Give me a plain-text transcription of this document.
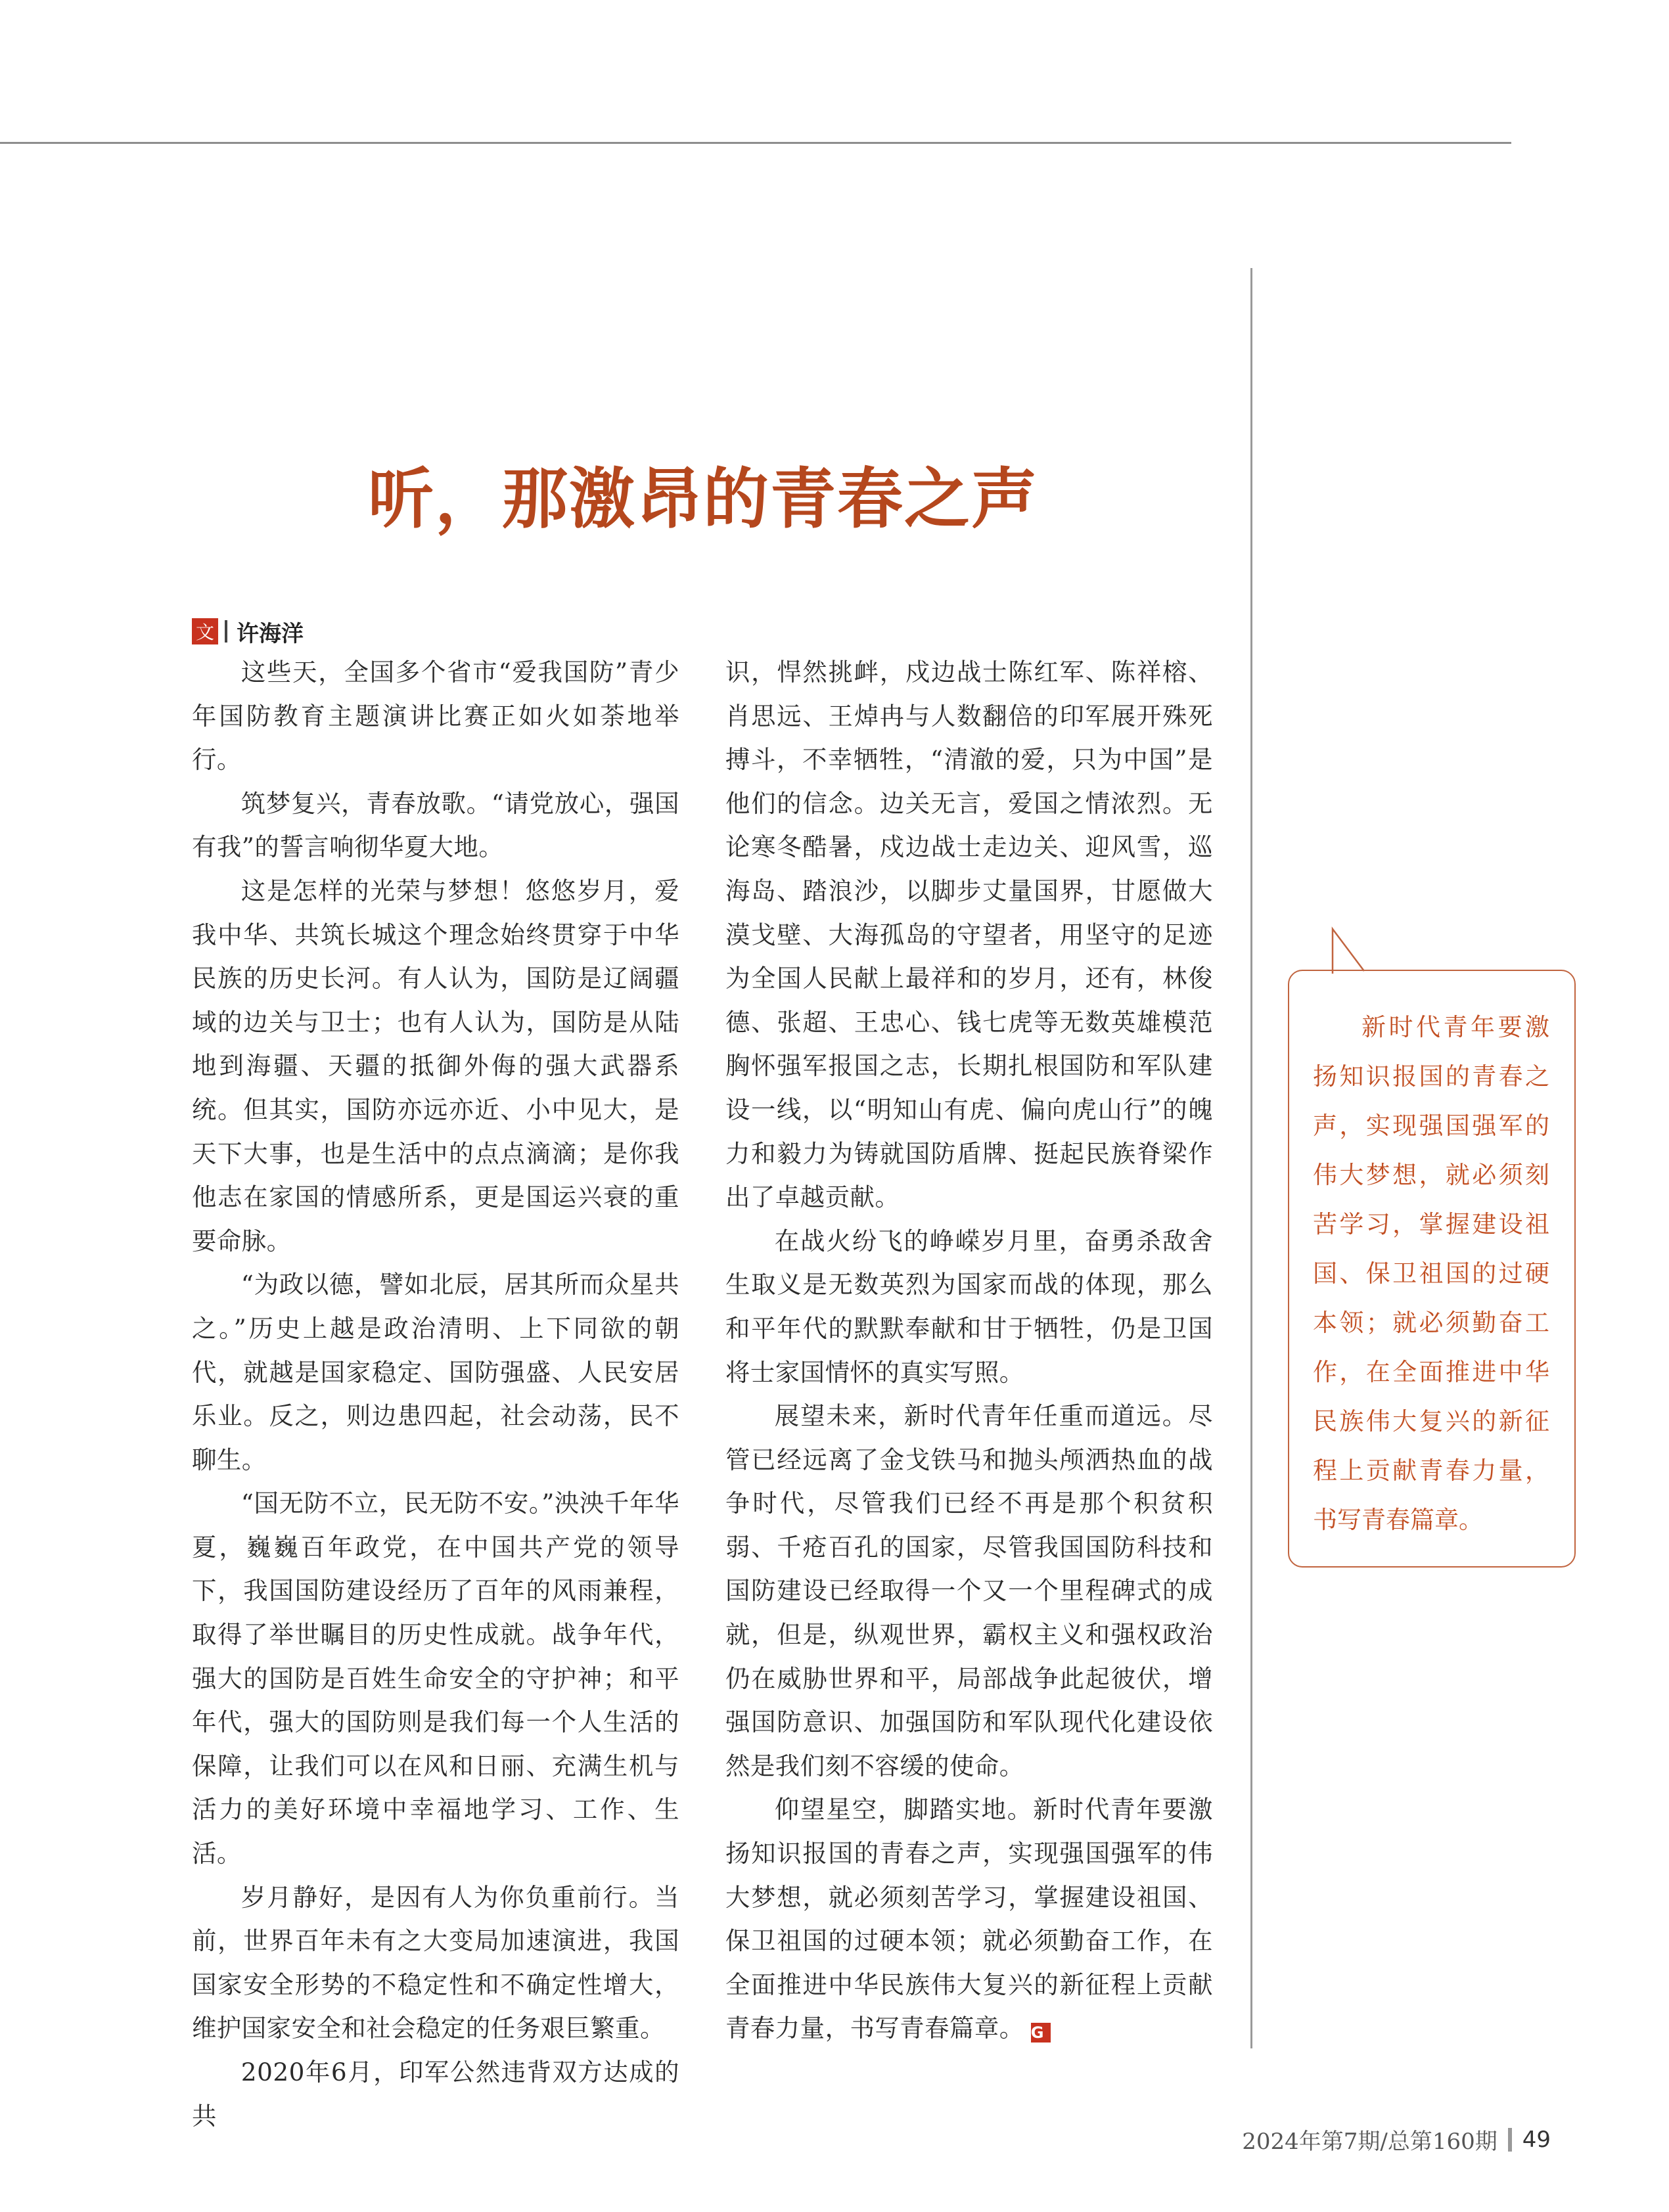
听，那激昂的青春之声
文 许海洋

这些天，全国多个省市“爱我国防”青少年国防教育主题演讲比赛正如火如荼地举行。

筑梦复兴，青春放歌。“请党放心，强国有我”的誓言响彻华夏大地。

这是怎样的光荣与梦想！悠悠岁月，爱我中华、共筑长城这个理念始终贯穿于中华民族的历史长河。有人认为，国防是辽阔疆域的边关与卫士；也有人认为，国防是从陆地到海疆、天疆的抵御外侮的强大武器系统。但其实，国防亦远亦近、小中见大，是天下大事，也是生活中的点点滴滴；是你我他志在家国的情感所系，更是国运兴衰的重要命脉。

“为政以德，譬如北辰，居其所而众星共之。”历史上越是政治清明、上下同欲的朝代，就越是国家稳定、国防强盛、人民安居乐业。反之，则边患四起，社会动荡，民不聊生。

“国无防不立，民无防不安。”泱泱千年华夏，巍巍百年政党，在中国共产党的领导下，我国国防建设经历了百年的风雨兼程，取得了举世瞩目的历史性成就。战争年代，强大的国防是百姓生命安全的守护神；和平年代，强大的国防则是我们每一个人生活的保障，让我们可以在风和日丽、充满生机与活力的美好环境中幸福地学习、工作、生活。

岁月静好，是因有人为你负重前行。当前，世界百年未有之大变局加速演进，我国国家安全形势的不稳定性和不确定性增大，维护国家安全和社会稳定的任务艰巨繁重。

2020年6月，印军公然违背双方达成的共

识，悍然挑衅，戍边战士陈红军、陈祥榕、肖思远、王焯冉与人数翻倍的印军展开殊死搏斗，不幸牺牲，“清澈的爱，只为中国”是他们的信念。边关无言，爱国之情浓烈。无论寒冬酷暑，戍边战士走边关、迎风雪，巡海岛、踏浪沙，以脚步丈量国界，甘愿做大漠戈壁、大海孤岛的守望者，用坚守的足迹为全国人民献上最祥和的岁月，还有，林俊德、张超、王忠心、钱七虎等无数英雄模范胸怀强军报国之志，长期扎根国防和军队建设一线，以“明知山有虎、偏向虎山行”的魄力和毅力为铸就国防盾牌、挺起民族脊梁作出了卓越贡献。

在战火纷飞的峥嵘岁月里，奋勇杀敌舍生取义是无数英烈为国家而战的体现，那么和平年代的默默奉献和甘于牺牲，仍是卫国将士家国情怀的真实写照。

展望未来，新时代青年任重而道远。尽管已经远离了金戈铁马和抛头颅洒热血的战争时代，尽管我们已经不再是那个积贫积弱、千疮百孔的国家，尽管我国国防科技和国防建设已经取得一个又一个里程碑式的成就，但是，纵观世界，霸权主义和强权政治仍在威胁世界和平，局部战争此起彼伏，增强国防意识、加强国防和军队现代化建设依然是我们刻不容缓的使命。

仰望星空，脚踏实地。新时代青年要激扬知识报国的青春之声，实现强国强军的伟大梦想，就必须刻苦学习，掌握建设祖国、保卫祖国的过硬本领；就必须勤奋工作，在全面推进中华民族伟大复兴的新征程上贡献青春力量，书写青春篇章。 G

新时代青年要激扬知识报国的青春之声，实现强国强军的伟大梦想，就必须刻苦学习，掌握建设祖国、保卫祖国的过硬本领；就必须勤奋工作，在全面推进中华民族伟大复兴的新征程上贡献青春力量，书写青春篇章。

2024年第7期/总第160期 49
